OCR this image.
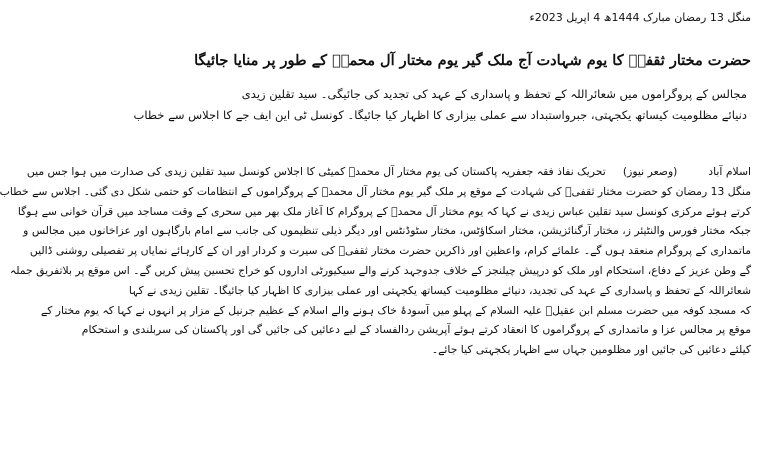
منگل 13 رمضان مبارک 1444ھ 4 اپریل 2023ء
حضرت مختار ثقفیؒ کا یوم شہادت آج ملک گیر یوم مختار آل محمدؐ کے طور پر منایا جائیگا
مجالس کے پروگراموں میں شعائراللہ کے تحفظ و پاسداری کے عہد کی تجدید کی جائیگی۔ سید تقلین زیدی
دنیائے مظلومیت کیساتھ یکجہتی، جبرواستبداد سے عملی بیزاری کا اظہار کیا جائیگا۔ کونسل ٹی این ایف جے کا اجلاس سے خطاب
اسلام آباد         (وصعر نیوز)     تحریک نفاذ فقہ جعفریہ پاکستان کی یوم مختار آل محمدؐ کمیٹی کا اجلاس کونسل سید تقلین زیدی کی صدارت میں ہوا جس میں
منگل 13 رمضان کو حضرت مختار ثقفیؒ کی شہادت کے موقع پر ملک گیر یوم مختار آل محمدؐ کے پروگراموں کے انتظامات کو حتمی شکل دی گئی۔ اجلاس سے خطاب
کرتے ہوئے مرکزی کونسل سید تقلین عباس زیدی نے کہا کہ یوم مختار آل محمدؐ کے پروگرام کا آغاز ملک بھر میں سحری کے وقت مساجد میں قرآن خوانی سے ہوگا
جبکہ مختار فورس والنٹیئر ز، مختار آرگنائزیشن، مختار اسکاؤٹس، مختار سٹوڈنٹس اور دیگر ذیلی تنظیموں کی جانب سے امام بارگاہوں اور عزاخانوں میں مجالس و
ماتمداری کے پروگرام منعقد ہوں گے۔ علمائے کرام، واعظین اور ذاکرین حضرت مختار ثقفیؒ کی سیرت و کردار اور ان کے کارہائے نمایاں پر تفصیلی روشنی ڈالیں
گے وطن عزیز کے دفاع، استحکام اور ملک کو درپیش چیلنجز کے خلاف جدوجہد کرنے والے سیکیورٹی اداروں کو خراج تحسین پیش کریں گے۔ اس موقع پر بلاتفریق جملہ
شعائراللہ کے تحفظ و پاسداری کے عہد کی تجدید، دنیائے مظلومیت کیساتھ یکجہتی اور عملی بیزاری کا اظہار کیا جائیگا۔ تقلین زیدی نے کہا
کہ مسجد کوفہ میں حضرت مسلم ابن عقیلؑ علیہ السلام کے پہلو میں آسودۂ خاک ہونے والے اسلام کے عظیم جرنیل کے مزار پر انہوں نے کہا کہ یوم مختار کے
موقع پر مجالس عزا و ماتمداری کے پروگراموں کا انعقاد کرتے ہوئے آپریشن ردالفساد کے لیے دعائیں کی جائیں گی اور پاکستان کی سربلندی و استحکام
کیلئے دعائیں کی جائیں اور مظلومین جہاں سے اظہار یکجہتی کیا جائے۔
